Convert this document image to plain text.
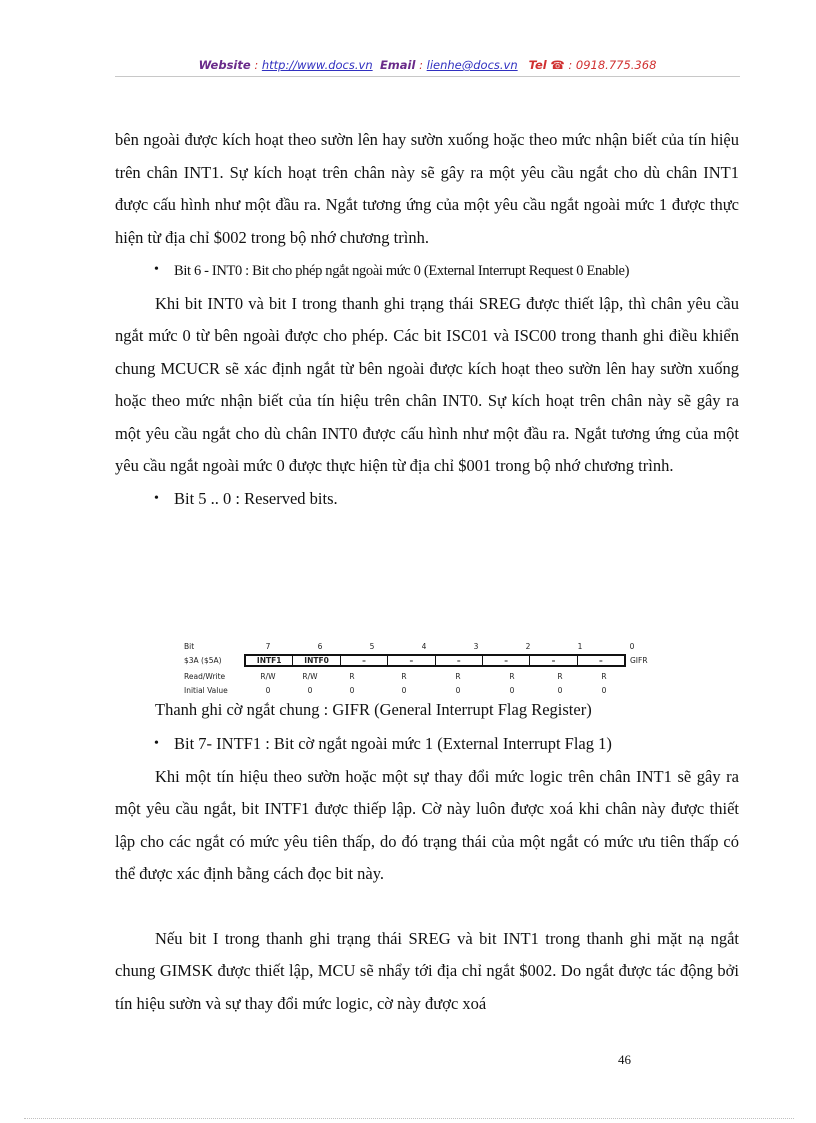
Website : http://www.docs.vn Email : lienhe@docs.vn Tel ☎ : 0918.775.368

bên ngoài được kích hoạt theo sườn lên hay sườn xuống hoặc theo mức nhận biết của tín hiệu trên chân INT1. Sự kích hoạt trên chân này sẽ gây ra một yêu cầu ngắt cho dù chân INT1 được cấu hình như một đầu ra. Ngắt tương ứng của một yêu cầu ngắt ngoài mức 1 được thực hiện từ địa chỉ $002 trong bộ nhớ chương trình.

• Bit 6 - INT0 : Bit cho phép ngắt ngoài mức 0 (External Interrupt Request 0 Enable)

Khi bit INT0 và bit I trong thanh ghi trạng thái SREG được thiết lập, thì chân yêu cầu ngắt mức 0 từ bên ngoài được cho phép. Các bit ISC01 và ISC00 trong thanh ghi điều khiển chung MCUCR sẽ xác định ngắt từ bên ngoài được kích hoạt theo sườn lên hay sườn xuống hoặc theo mức nhận biết của tín hiệu trên chân INT0. Sự kích hoạt trên chân này sẽ gây ra một yêu cầu ngắt cho dù chân INT0 được cấu hình như một đầu ra. Ngắt tương ứng của một yêu cầu ngắt ngoài mức 0 được thực hiện từ địa chỉ $001 trong bộ nhớ chương trình.

• Bit 5 .. 0 : Reserved bits.

Bit	7	6	5	4	3	2	1	0
$3A ($5A)	INTF1	INTF0	–	–	–	–	–	–	GIFR
Read/Write	R/W	R/W	R	R	R	R	R	R
Initial Value	0	0	0	0	0	0	0	0
Thanh ghi cờ ngắt chung : GIFR (General Interrupt Flag Register)

• Bit 7- INTF1 : Bit cờ ngắt ngoài mức 1 (External Interrupt Flag 1)

Khi một tín hiệu theo sườn hoặc một sự thay đổi mức logic trên chân INT1 sẽ gây ra một yêu cầu ngắt, bit INTF1 được thiếp lập. Cờ này luôn được xoá khi chân này được thiết lập cho các ngắt có mức yêu tiên thấp, do đó trạng thái của một ngắt có mức ưu tiên thấp có thể được xác định bằng cách đọc bit này.

Nếu bit I trong thanh ghi trạng thái SREG và bit INT1 trong thanh ghi mặt nạ ngắt chung GIMSK được thiết lập, MCU sẽ nhẩy tới địa chỉ ngắt $002. Do ngắt được tác động bởi tín hiệu sườn và sự thay đổi mức logic, cờ này được xoá

46
